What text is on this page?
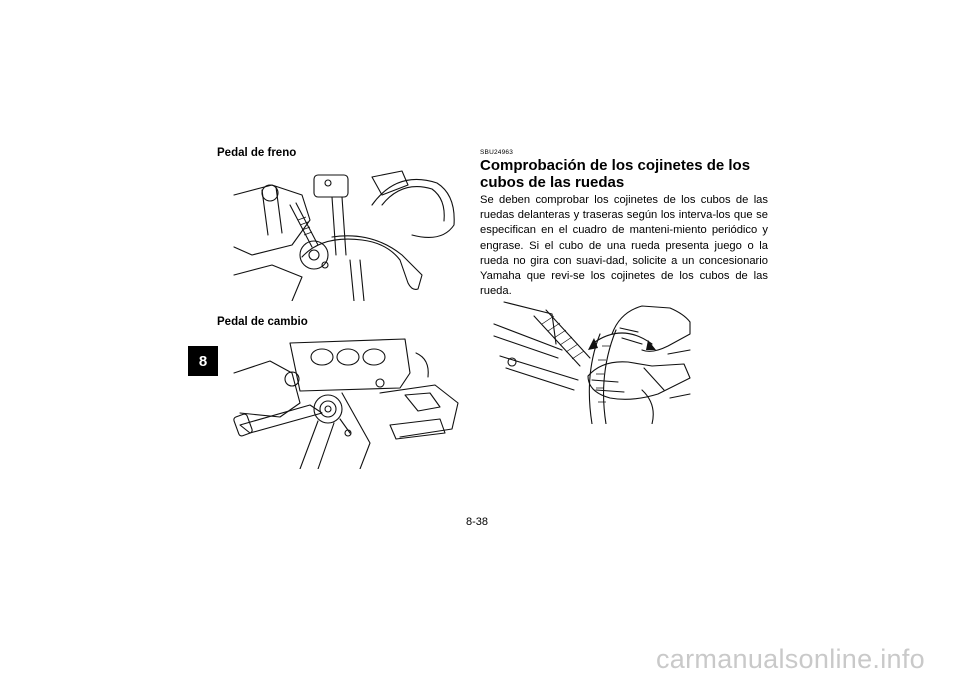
8
Pedal de freno
Pedal de cambio
SBU24963
Comprobación de los cojinetes de los cubos de las ruedas
Se deben comprobar los cojinetes de los cubos de las ruedas delanteras y traseras según los interva-los que se especifican en el cuadro de manteni-miento periódico y engrase. Si el cubo de una rueda presenta juego o la rueda no gira con suavi-dad, solicite a un concesionario Yamaha que revi-se los cojinetes de los cubos de las rueda.
8-38
carmanualsonline.info
